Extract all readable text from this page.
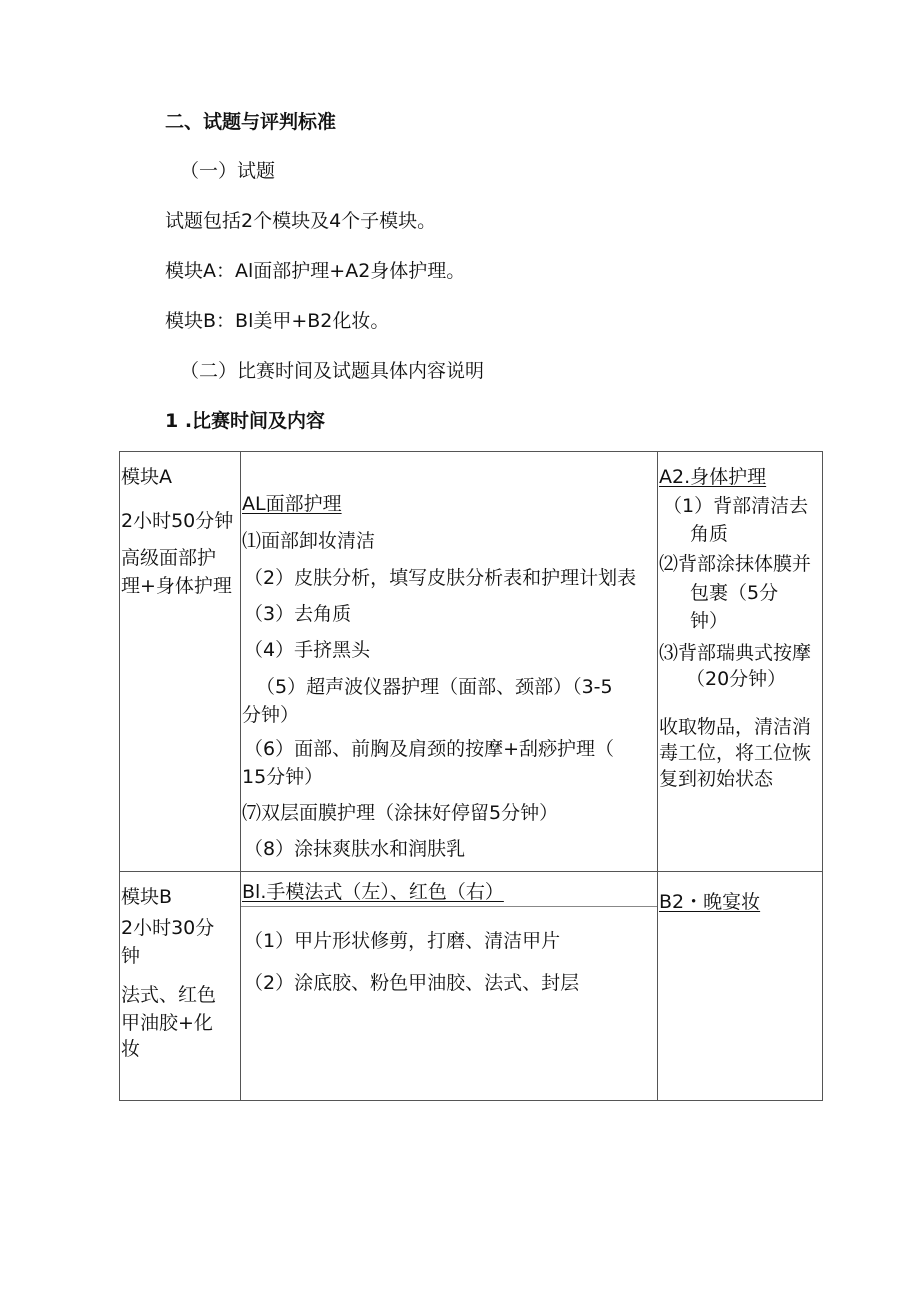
二、试题与评判标准
（一）试题
试题包括2个模块及4个子模块。
模块A：Al面部护理+A2身体护理。
模块B：Bl美甲+B2化妆。
（二）比赛时间及试题具体内容说明
1 .比赛时间及内容
模块A
2小时50分钟
高级面部护
理+身体护理
AL面部护理
⑴面部卸妆清洁
（2）皮肤分析，填写皮肤分析表和护理计划表
（3）去角质
（4）手挤黑头
（5）超声波仪器护理（面部、颈部）（3-5
分钟）
（6）面部、前胸及肩颈的按摩+刮痧护理（
15分钟）
⑺双层面膜护理（涂抹好停留5分钟）
（8）涂抹爽肤水和润肤乳
A2.身体护理
（1）背部清洁去
角质
⑵背部涂抹体膜并
包裹（5分
钟）
⑶背部瑞典式按摩
（20分钟）
收取物品，清洁消
毒工位，将工位恢
复到初始状态
模块B
2小时30分
钟
法式、红色
甲油胶+化
妆
Bl.手模法式（左）、红色（右）
（1）甲片形状修剪，打磨、清洁甲片
（2）涂底胶、粉色甲油胶、法式、封层
B2・晚宴妆
